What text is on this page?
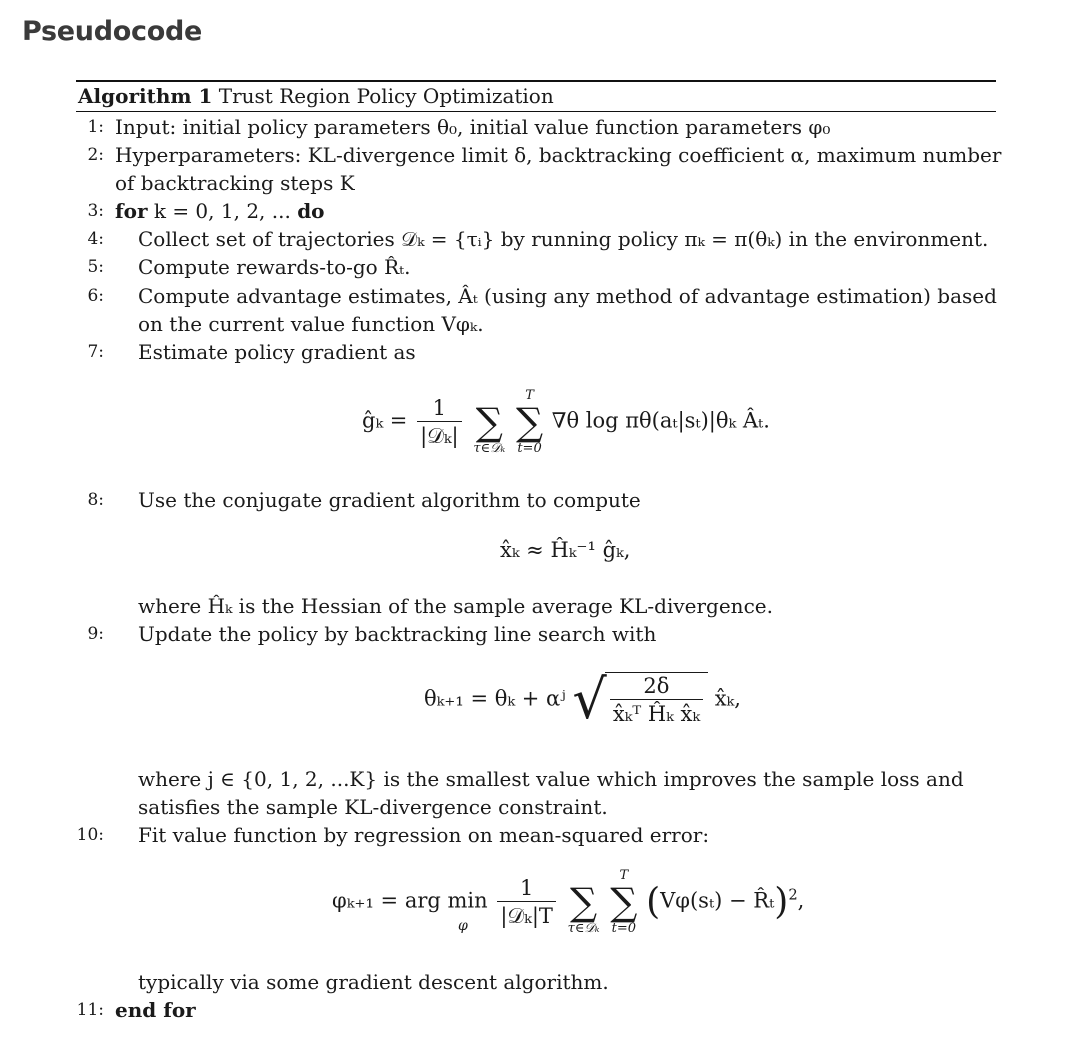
Pseudocode
Algorithm 1 Trust Region Policy Optimization
1: Input: initial policy parameters θ₀, initial value function parameters φ₀
2: Hyperparameters: KL-divergence limit δ, backtracking coefficient α, maximum number
of backtracking steps K
3: for k = 0, 1, 2, ... do
4: Collect set of trajectories 𝒟ₖ = {τᵢ} by running policy πₖ = π(θₖ) in the environment.
5: Compute rewards-to-go R̂ₜ.
6: Compute advantage estimates, Âₜ (using any method of advantage estimation) based
on the current value function Vφₖ.
7: Estimate policy gradient as
ĝₖ = $\frac{1}{\text{|𝒟ₖ|}}$

∑
τ∈𝒟ₖ

T
∑
t=0
∇θ log πθ(aₜ|sₜ)|θₖ Âₜ.
8: Use the conjugate gradient algorithm to compute
x̂ₖ ≈ Ĥₖ⁻¹ ĝₖ,
where Ĥₖ is the Hessian of the sample average KL-divergence.
9: Update the policy by backtracking line search with
θₖ₊₁ = θₖ + αʲ √ $\frac{2\delta}{\text{x̂ₖᵀ Ĥₖ x̂ₖ}}$ x̂ₖ,
where j ∈ {0, 1, 2, ...K} is the smallest value which improves the sample loss and
satisfies the sample KL-divergence constraint.
10: Fit value function by regression on mean-squared error:
φₖ₊₁ = arg $\min \frac{1}{\text{|𝒟ₖ|T}}$

∑
τ∈𝒟ₖ

T
∑
t=0
(Vφ(sₜ) − R̂ₜ)$^2$,
φ
typically via some gradient descent algorithm.
11: end for
